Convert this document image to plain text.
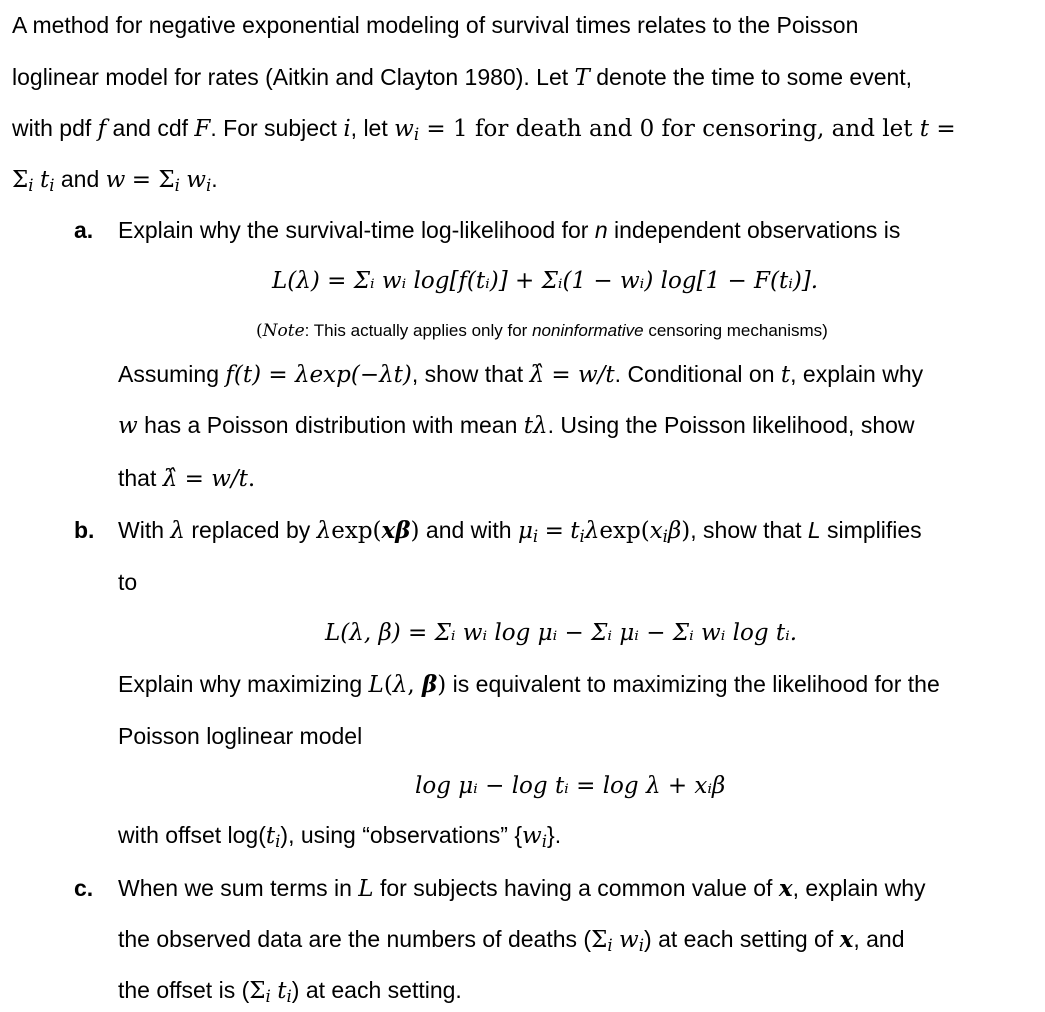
A method for negative exponential modeling of survival times relates to the Poisson
loglinear model for rates (Aitkin and Clayton 1980). Let T denote the time to some event,
with pdf f and cdf F. For subject i, let wi = 1 for death and 0 for censoring, and let t =
Σi ti and w = Σi wi.
a. Explain why the survival-time log-likelihood for n independent observations is
L(λ) = Σᵢ wᵢ log[f(tᵢ)] + Σᵢ(1 − wᵢ) log[1 − F(tᵢ)].
(Note: This actually applies only for noninformative censoring mechanisms)
Assuming f(t) = λexp(−λt), show that λ̂ = w/t. Conditional on t, explain why
w has a Poisson distribution with mean tλ. Using the Poisson likelihood, show
that λ̂ = w/t.
b. With λ replaced by λexp(xβ) and with μi = tiλexp(xiβ), show that L simplifies
to
L(λ, β) = Σᵢ wᵢ log μᵢ − Σᵢ μᵢ − Σᵢ wᵢ log tᵢ.
Explain why maximizing L(λ, β) is equivalent to maximizing the likelihood for the
Poisson loglinear model
log μᵢ − log tᵢ = log λ + xᵢβ
with offset log(ti), using “observations” {wi}.
c. When we sum terms in L for subjects having a common value of x, explain why
the observed data are the numbers of deaths (Σi wi) at each setting of x, and
the offset is (Σi ti) at each setting.
